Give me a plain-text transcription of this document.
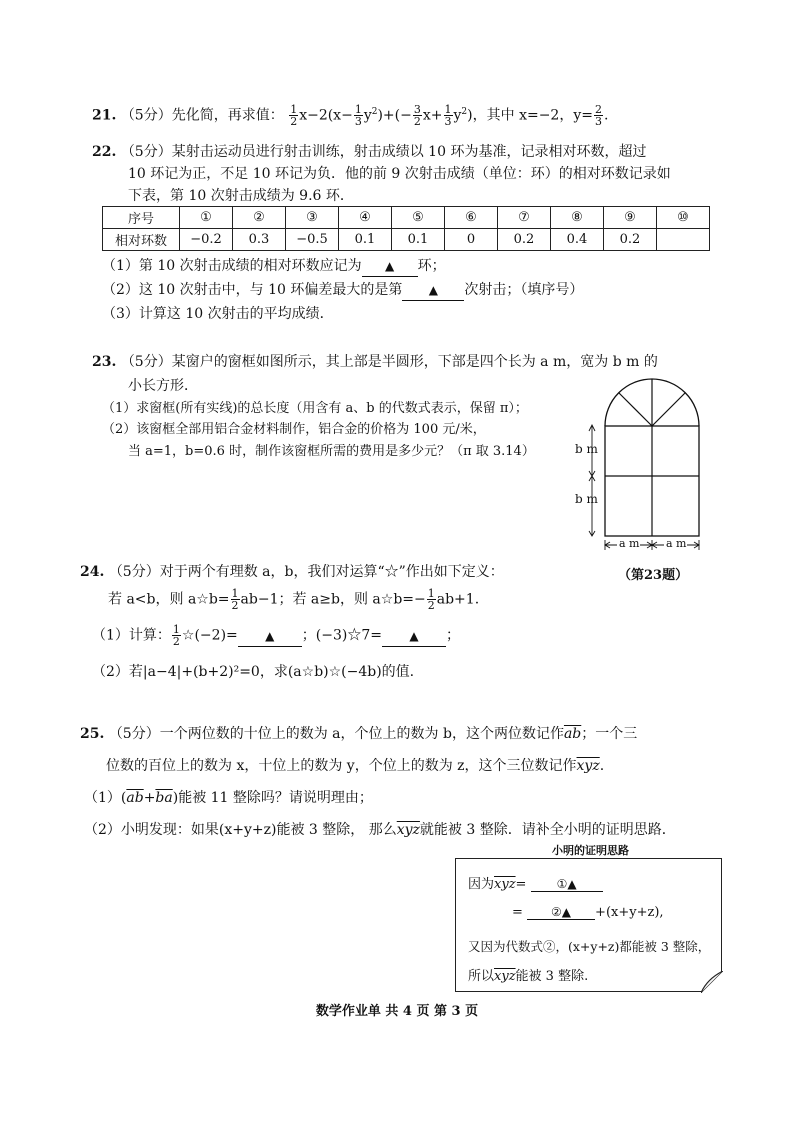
21. （5分）先化简，再求值： $\frac{1}{2} x-2(x- \frac{1}{3} y^2)+(- \frac{3}{2} x+ \frac{1}{3} y^2)$，其中 x=−2，$y= \frac{2}{3}$ .
22. （5分）某射击运动员进行射击训练，射击成绩以 10 环为基准，记录相对环数，超过
10 环记为正，不足 10 环记为负．他的前 9 次射击成绩（单位：环）的相对环数记录如
下表，第 10 次射击成绩为 9.6 环．
序号	①	②	③	④	⑤	⑥	⑦	⑧	⑨	⑩
相对环数	−0.2	0.3	−0.5	0.1	0.1	0	0.2	0.4	0.2	
（1）第 10 次射击成绩的相对环数应记为 ▲ 环；
（2）这 10 次射击中，与 10 环偏差最大的是第 ▲ 次射击；（填序号）
（3）计算这 10 次射击的平均成绩．
23. （5分）某窗户的窗框如图所示，其上部是半圆形，下部是四个长为 a m，宽为 b m 的
小长方形．
（1）求窗框(所有实线)的总长度（用含有 a、b 的代数式表示，保留 π）；
（2）该窗框全部用铝合金材料制作，铝合金的价格为 100 元/米，
当 a=1，b=0.6 时，制作该窗框所需的费用是多少元？（π 取 3.14）	b m
b m
a m a m
（第23题）
24. （5分）对于两个有理数 a，b，我们对运算“☆”作出如下定义：
若 a<b，则 a☆b= $\frac{1}{2} ab-1$；若 a≥b，则 a☆b=− $\frac{1}{2} ab+1$.
（1）计算： $\frac{1}{2}$ ☆(−2)= ▲ ；(−3)☆7= ▲ ；
（2）若|a−4|+(b+2)²=0，求(a☆b)☆(−4b)的值.
25. （5分）一个两位数的十位上的数为 a，个位上的数为 b，这个两位数记作$\overline{ab}$；一个三
位数的百位上的数为 x，十位上的数为 y，个位上的数为 z，这个三位数记作$\overline{xyz}$.
$(1)(\overline{ab}+\overline{ba})$能被 11 整除吗？请说明理由；
（2）小明发现：如果(x+y+z)能被 3 整除， 那么$\overline{xyz}$就能被 3 整除．请补全小明的证明思路．
小明的证明思路
因为$\overline{xyz}=$	①▲
= ②▲ +(x+y+z),
又因为代数式②，(x+y+z)都能被 3 整除，
所以$\overline{xyz}$能被 3 整除.
数学作业单 共 4 页 第 3 页
